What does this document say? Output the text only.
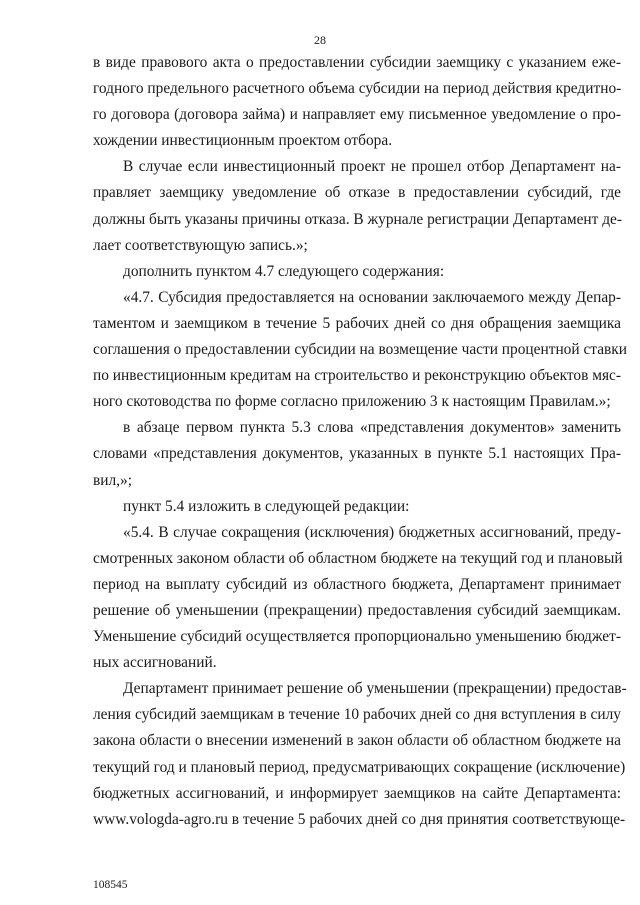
28

в виде правового акта о предоставлении субсидии заемщику с указанием еже-
годного предельного расчетного объема субсидии на период действия кредитно-
го договора (договора займа) и направляет ему письменное уведомление о про-
хождении инвестиционным проектом отбора.

В случае если инвестиционный проект не прошел отбор Департамент на-
правляет заемщику уведомление об отказе в предоставлении субсидий, где
должны быть указаны причины отказа. В журнале регистрации Департамент де-
лает соответствующую запись.»;

дополнить пунктом 4.7 следующего содержания:

«4.7. Субсидия предоставляется на основании заключаемого между Депар-
таментом и заемщиком в течение 5 рабочих дней со дня обращения заемщика
соглашения о предоставлении субсидии на возмещение части процентной ставки
по инвестиционным кредитам на строительство и реконструкцию объектов мяс-
ного скотоводства по форме согласно приложению 3 к настоящим Правилам.»;

в абзаце первом пункта 5.3 слова «представления документов» заменить
словами «представления документов, указанных в пункте 5.1 настоящих Пра-
вил,»;

пункт 5.4 изложить в следующей редакции:

«5.4. В случае сокращения (исключения) бюджетных ассигнований, преду-
смотренных законом области об областном бюджете на текущий год и плановый
период на выплату субсидий из областного бюджета, Департамент принимает
решение об уменьшении (прекращении) предоставления субсидий заемщикам.
Уменьшение субсидий осуществляется пропорционально уменьшению бюджет-
ных ассигнований.

Департамент принимает решение об уменьшении (прекращении) предостав-
ления субсидий заемщикам в течение 10 рабочих дней со дня вступления в силу
закона области о внесении изменений в закон области об областном бюджете на
текущий год и плановый период, предусматривающих сокращение (исключение)
бюджетных ассигнований, и информирует заемщиков на сайте Департамента:
www.vologda-agro.ru в течение 5 рабочих дней со дня принятия соответствующе-

108545
